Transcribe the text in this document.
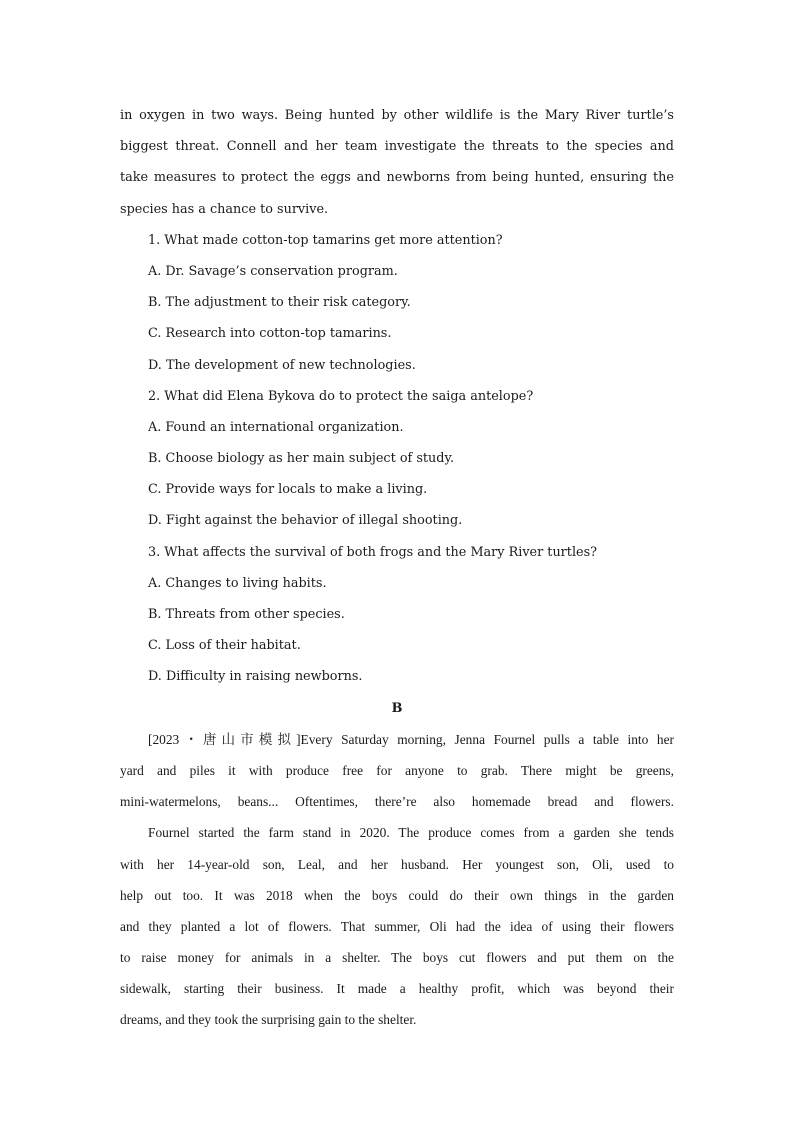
in oxygen in two ways. Being hunted by other wildlife is the Mary River turtle’s
biggest threat. Connell and her team investigate the threats to the species and
take measures to protect the eggs and newborns from being hunted, ensuring the
species has a chance to survive.
1. What made cotton-top tamarins get more attention?
A. Dr. Savage’s conservation program.
B. The adjustment to their risk category.
C. Research into cotton-top tamarins.
D. The development of new technologies.
2. What did Elena Bykova do to protect the saiga antelope?
A. Found an international organization.
B. Choose biology as her main subject of study.
C. Provide ways for locals to make a living.
D. Fight against the behavior of illegal shooting.
3. What affects the survival of both frogs and the Mary River turtles?
A. Changes to living habits.
B. Threats from other species.
C. Loss of their habitat.
D. Difficulty in raising newborns.
B
[2023・唐山市模拟]Every Saturday morning, Jenna Fournel pulls a table into her
yard and piles it with produce free for anyone to grab. There might be greens,
mini-watermelons, beans... Oftentimes, there’re also homemade bread and flowers.
Fournel started the farm stand in 2020. The produce comes from a garden she tends
with her 14-year-old son, Leal, and her husband. Her youngest son, Oli, used to
help out too. It was 2018 when the boys could do their own things in the garden
and they planted a lot of flowers. That summer, Oli had the idea of using their flowers
to raise money for animals in a shelter. The boys cut flowers and put them on the
sidewalk, starting their business. It made a healthy profit, which was beyond their
dreams, and they took the surprising gain to the shelter.
